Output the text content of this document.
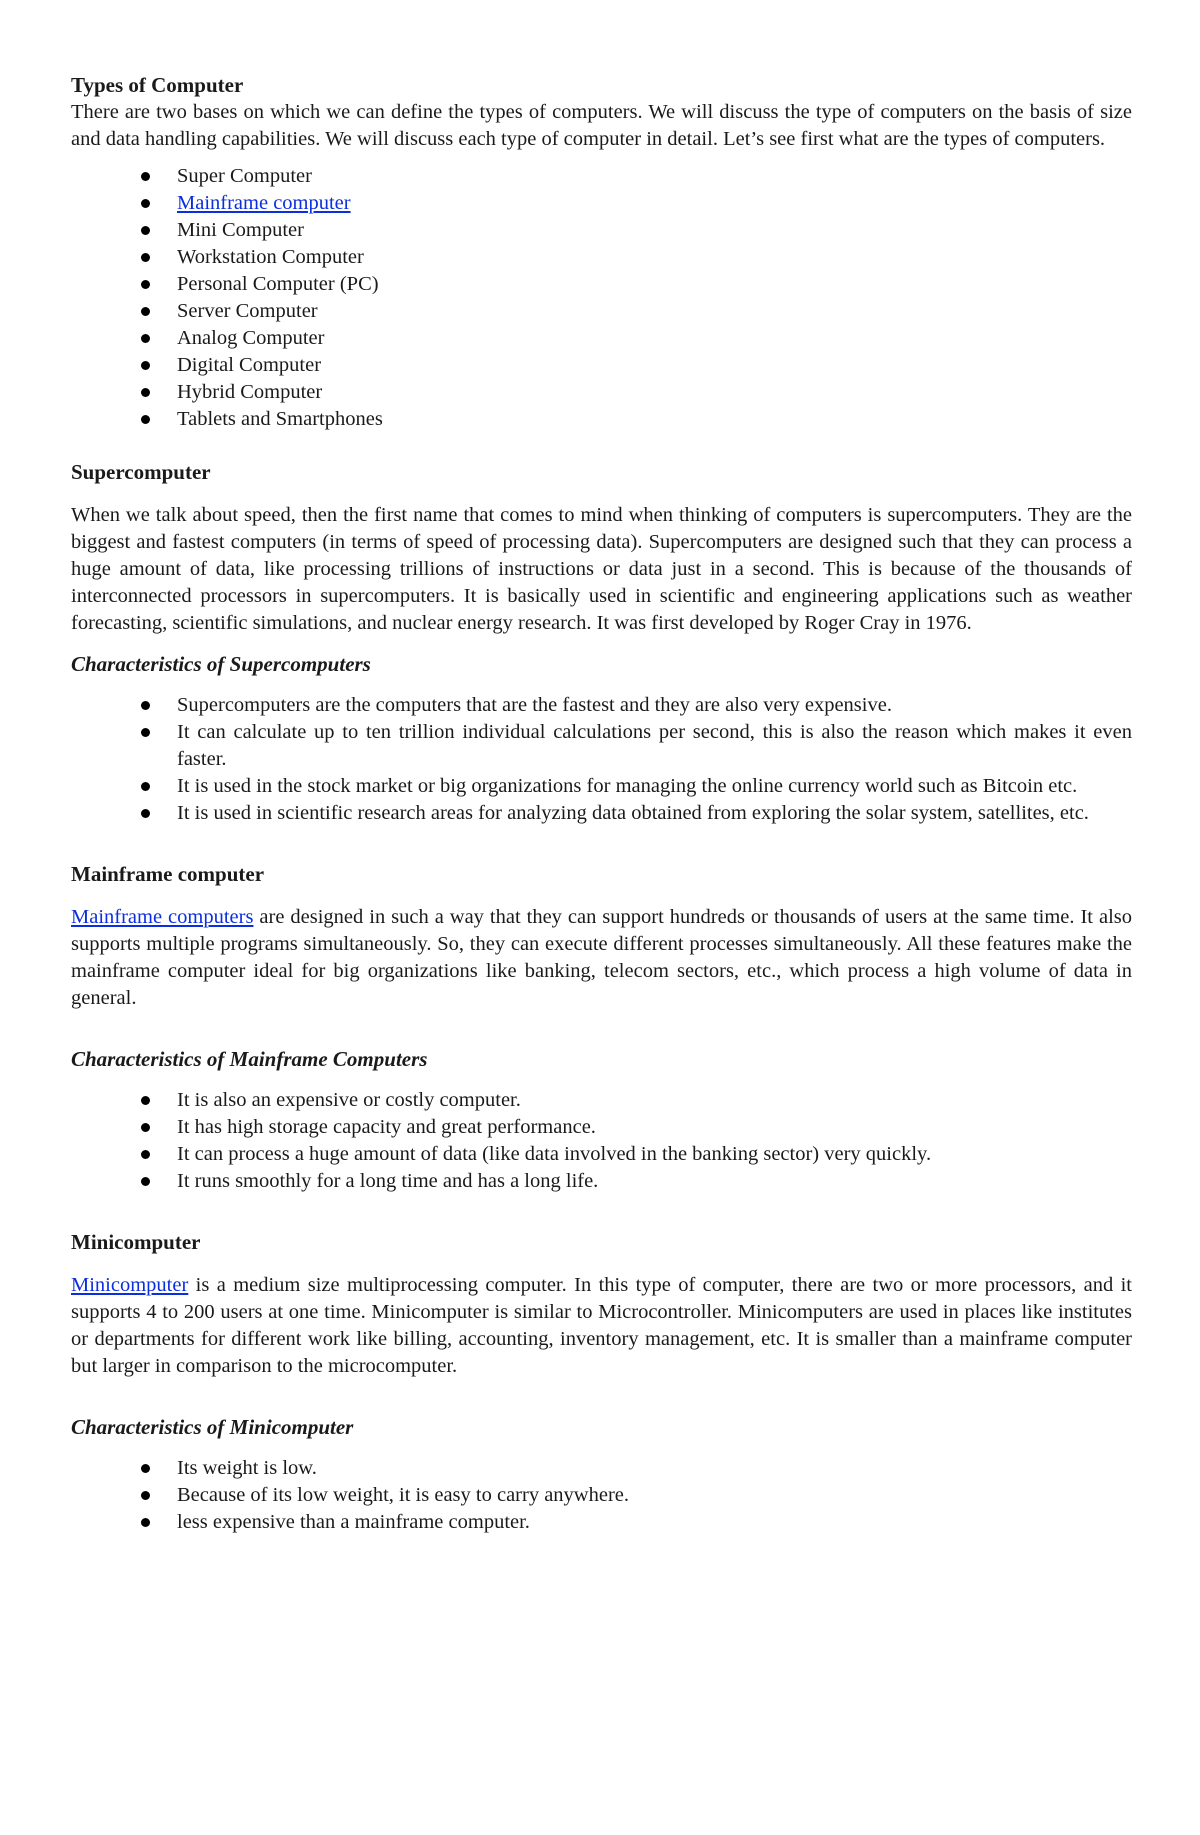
Types of Computer

There are two bases on which we can define the types of computers. We will discuss the type of computers on the basis of size and data handling capabilities. We will discuss each type of computer in detail. Let’s see first what are the types of computers.

Super Computer
Mainframe computer
Mini Computer
Workstation Computer
Personal Computer (PC)
Server Computer
Analog Computer
Digital Computer
Hybrid Computer
Tablets and Smartphones
Supercomputer

When we talk about speed, then the first name that comes to mind when thinking of computers is supercomputers. They are the biggest and fastest computers (in terms of speed of processing data). Supercomputers are designed such that they can process a huge amount of data, like processing trillions of instructions or data just in a second. This is because of the thousands of interconnected processors in supercomputers. It is basically used in scientific and engineering applications such as weather forecasting, scientific simulations, and nuclear energy research. It was first developed by Roger Cray in 1976.

Characteristics of Supercomputers
Supercomputers are the computers that are the fastest and they are also very expensive.
It can calculate up to ten trillion individual calculations per second, this is also the reason which makes it even faster.
It is used in the stock market or big organizations for managing the online currency world such as Bitcoin etc.
It is used in scientific research areas for analyzing data obtained from exploring the solar system, satellites, etc.
Mainframe computer

Mainframe computers are designed in such a way that they can support hundreds or thousands of users at the same time. It also supports multiple programs simultaneously. So, they can execute different processes simultaneously. All these features make the mainframe computer ideal for big organizations like banking, telecom sectors, etc., which process a high volume of data in general.

Characteristics of Mainframe Computers
It is also an expensive or costly computer.
It has high storage capacity and great performance.
It can process a huge amount of data (like data involved in the banking sector) very quickly.
It runs smoothly for a long time and has a long life.
Minicomputer

Minicomputer is a medium size multiprocessing computer. In this type of computer, there are two or more processors, and it supports 4 to 200 users at one time. Minicomputer is similar to Microcontroller. Minicomputers are used in places like institutes or departments for different work like billing, accounting, inventory management, etc. It is smaller than a mainframe computer but larger in comparison to the microcomputer.

Characteristics of Minicomputer
Its weight is low.
Because of its low weight, it is easy to carry anywhere.
less expensive than a mainframe computer.
